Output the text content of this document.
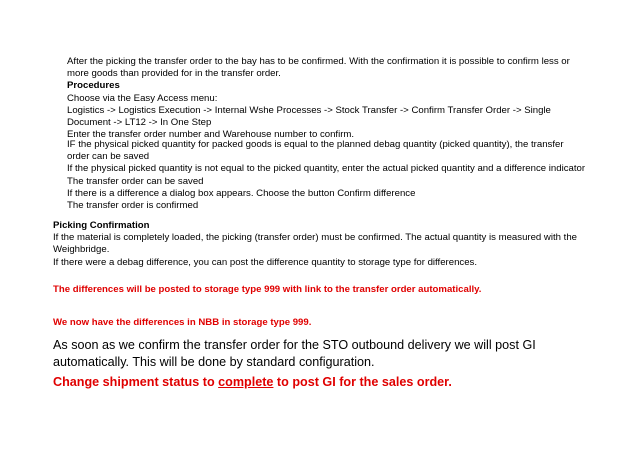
After the picking the transfer order to the bay has to be confirmed. With the confirmation it is possible to confirm less or more goods than provided for in the transfer order.

Procedures

Choose via the Easy Access menu:

Logistics -> Logistics Execution -> Internal Wshe Processes -> Stock Transfer -> Confirm Transfer Order -> Single Document -> LT12 -> In One Step

Enter the transfer order number and Warehouse number to confirm.

IF the physical picked quantity for packed goods is equal to the planned debag quantity (picked quantity), the transfer order can be saved

If the physical picked quantity is not equal to the picked quantity, enter the actual picked quantity and a difference indicator

The transfer order can be saved

If there is a difference a dialog box appears. Choose the button Confirm difference

The transfer order is confirmed

Picking Confirmation

If the material is completely loaded, the picking (transfer order) must be confirmed. The actual quantity is measured with the Weighbridge.

If there were a debag difference, you can post the difference quantity to storage type for differences.

The differences will be posted to storage type 999 with link to the transfer order automatically.
We now have the differences in NBB in storage type 999.
As soon as we confirm the transfer order for the STO outbound delivery we will post GI automatically. This will be done by standard configuration.
Change shipment status to complete to post GI for the sales order.
